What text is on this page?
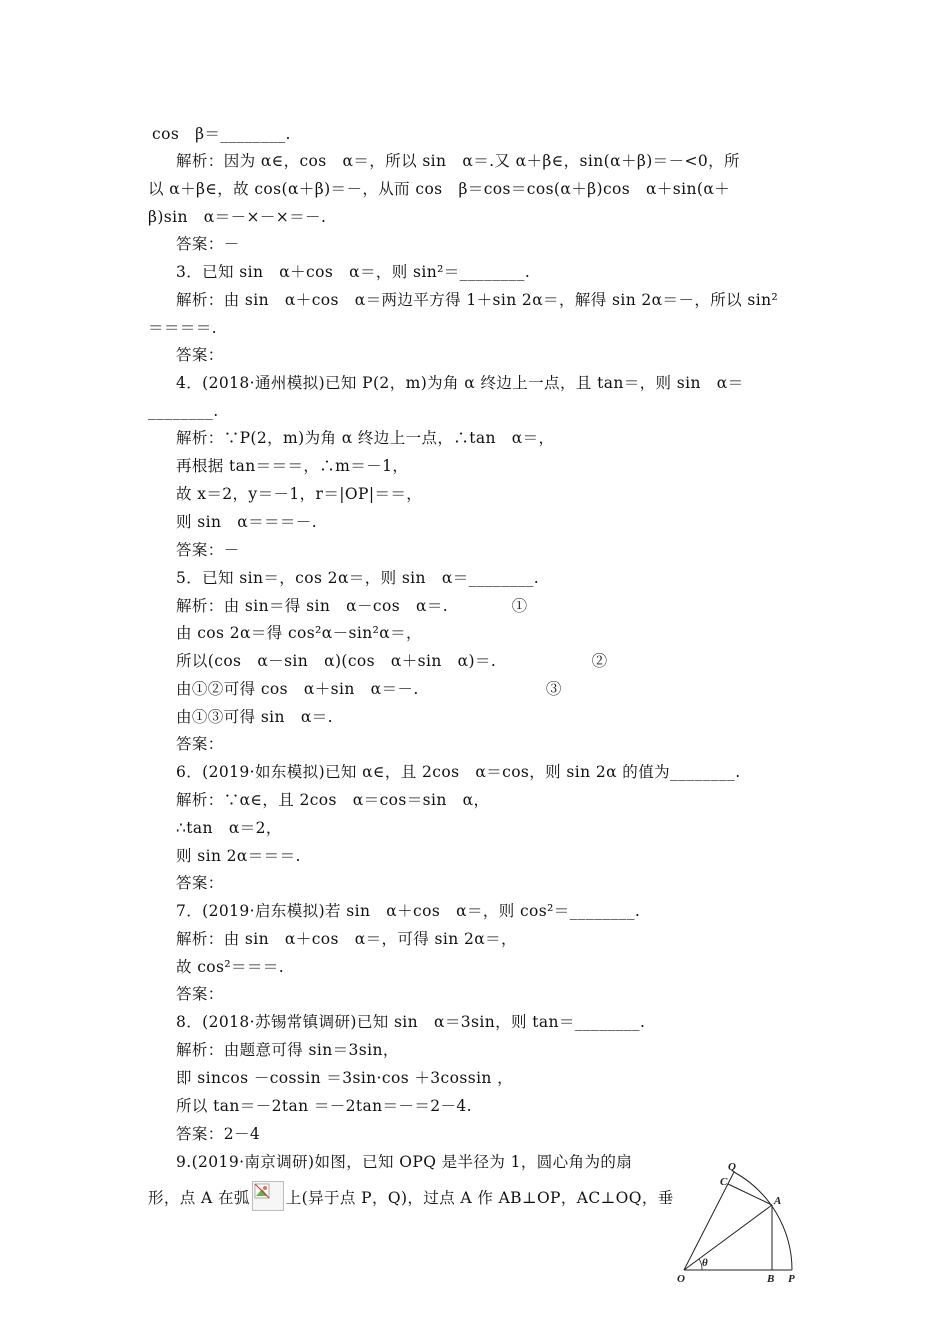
cos　β＝________.
解析：因为 α∈，cos　α＝，所以 sin　α＝.又 α＋β∈，sin(α＋β)＝－<0，所
以 α＋β∈，故 cos(α＋β)＝－，从而 cos　β＝cos＝cos(α＋β)cos　α＋sin(α＋
β)sin　α＝－×－×＝－.
答案：－
3．已知 sin　α＋cos　α＝，则 sin²＝________.
解析：由 sin　α＋cos　α＝两边平方得 1＋sin 2α＝，解得 sin 2α＝－，所以 sin²
＝＝＝＝.
答案：
4．(2018·通州模拟)已知 P(2，m)为角 α 终边上一点，且 tan＝，则 sin　α＝
________.
解析：∵P(2，m)为角 α 终边上一点，∴tan　α＝，
再根据 tan＝＝＝，∴m＝－1，
故 x＝2，y＝－1，r＝|OP|＝＝，
则 sin　α＝＝＝－.
答案：－
5．已知 sin＝，cos 2α＝，则 sin　α＝________.
解析：由 sin＝得 sin　α－cos　α＝.　　　　①
由 cos 2α＝得 cos²α－sin²α＝，
所以(cos　α－sin　α)(cos　α＋sin　α)＝.　　　　　　②
由①②可得 cos　α＋sin　α＝－.　　　　　　　　③
由①③可得 sin　α＝.
答案：
6．(2019·如东模拟)已知 α∈，且 2cos　α＝cos，则 sin 2α 的值为________.
解析：∵α∈，且 2cos　α＝cos＝sin　α，
∴tan　α＝2，
则 sin 2α＝＝＝.
答案：
7．(2019·启东模拟)若 sin　α＋cos　α＝，则 cos²＝________.
解析：由 sin　α＋cos　α＝，可得 sin 2α＝，
故 cos²＝＝＝.
答案：
8．(2018·苏锡常镇调研)已知 sin　α＝3sin，则 tan＝________.
解析：由题意可得 sin＝3sin，
即 sincos －cossin ＝3sin·cos ＋3cossin ，
所以 tan＝－2tan ＝－2tan＝－＝2－4.
答案：2－4
9.(2019·南京调研)如图，已知 OPQ 是半径为 1，圆心角为的扇
形，点 A 在弧 上(异于点 P，Q)，过点 A 作 AB⊥OP，AC⊥OQ，垂
Q
C
A
O
θ
B P
